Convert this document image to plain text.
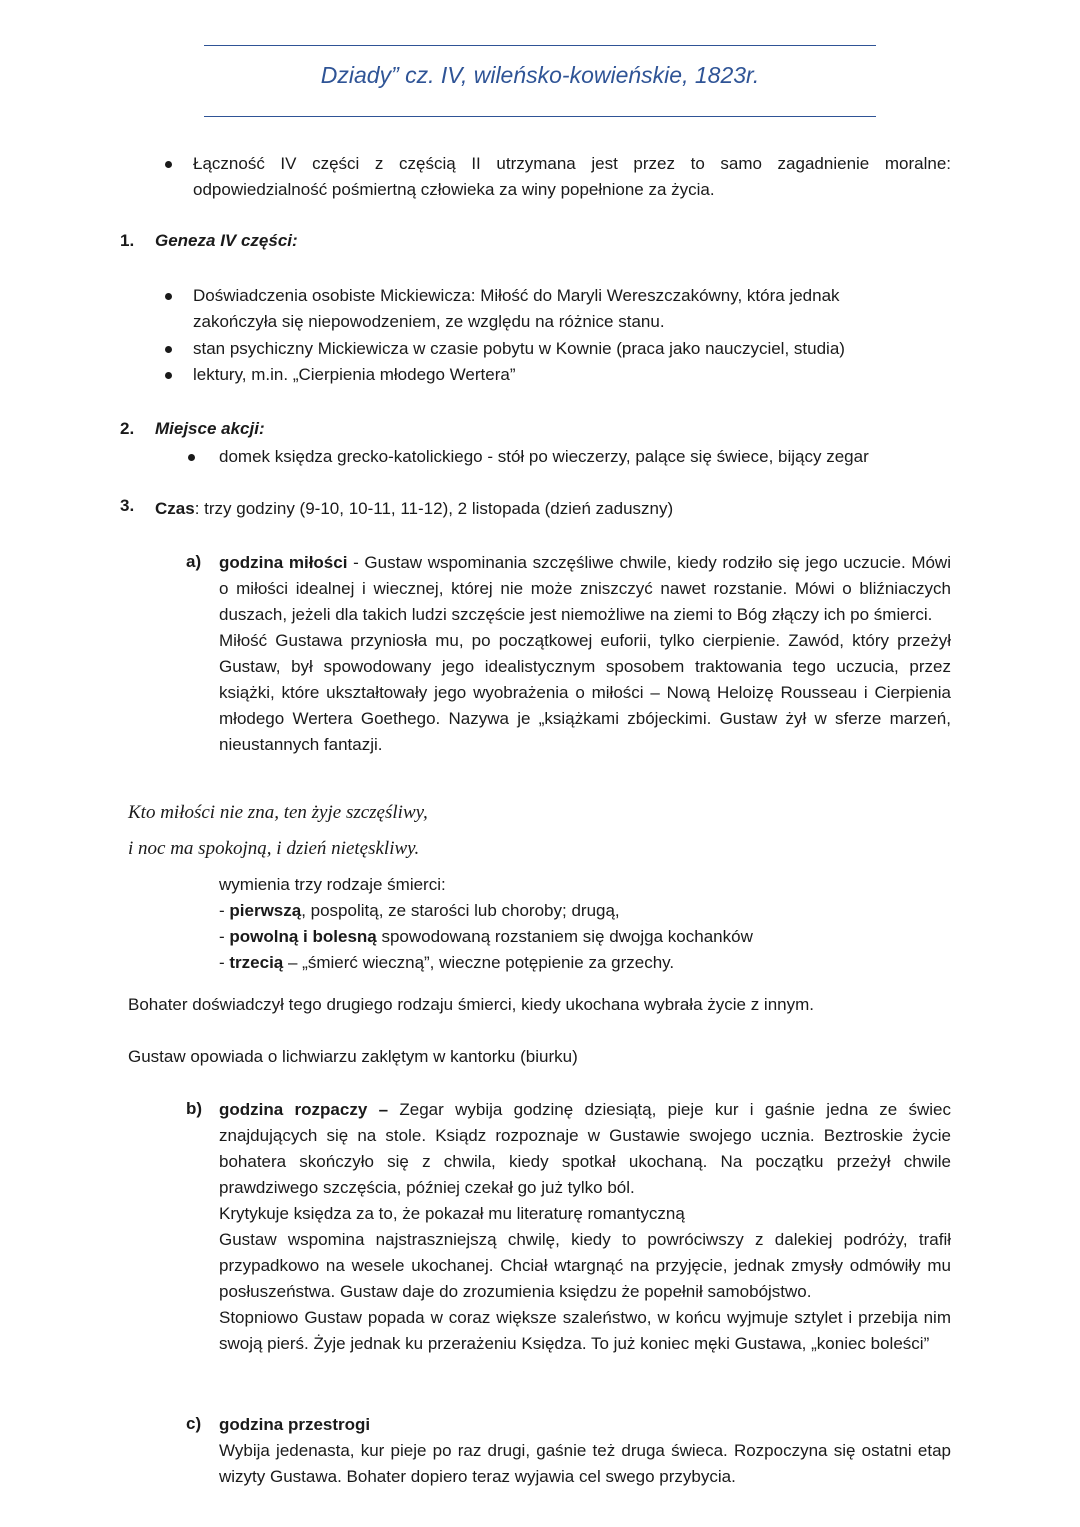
Dziady” cz. IV, wileńsko-kowieńskie, 1823r.

Łączność IV części z częścią II utrzymana jest przez to samo zagadnienie moralne: odpowiedzialność pośmiertną człowieka za winy popełnione za życia.

1. Geneza IV części:

Doświadczenia osobiste Mickiewicza: Miłość do Maryli Wereszczakówny, która jednak zakończyła się niepowodzeniem, ze względu na różnice stanu.

stan psychiczny Mickiewicza w czasie pobytu w Kownie (praca jako nauczyciel, studia)

lektury, m.in. „Cierpienia młodego Wertera”

2. Miejsce akcji:

domek księdza grecko-katolickiego - stół po wieczerzy, palące się świece, bijący zegar

3. Czas: trzy godziny (9-10, 10-11, 11-12), 2 listopada (dzień zaduszny)

a) godzina miłości - Gustaw wspominania szczęśliwe chwile, kiedy rodziło się jego uczucie. Mówi o miłości idealnej i wiecznej, której nie może zniszczyć nawet rozstanie. Mówi o bliźniaczych duszach, jeżeli dla takich ludzi szczęście jest niemożliwe na ziemi to Bóg złączy ich po śmierci.

Miłość Gustawa przyniosła mu, po początkowej euforii, tylko cierpienie. Zawód, który przeżył Gustaw, był spowodowany jego idealistycznym sposobem traktowania tego uczucia, przez książki, które ukształtowały jego wyobrażenia o miłości – Nową Heloizę Rousseau i Cierpienia młodego Wertera Goethego. Nazywa je „książkami zbójeckimi. Gustaw żył w sferze marzeń, nieustannych fantazji.

Kto miłości nie zna, ten żyje szczęśliwy,

i noc ma spokojną, i dzień nietęskliwy.

wymienia trzy rodzaje śmierci:

- pierwszą, pospolitą, ze starości lub choroby; drugą,

- powolną i bolesną spowodowaną rozstaniem się dwojga kochanków

- trzecią – „śmierć wieczną”, wieczne potępienie za grzechy.

Bohater doświadczył tego drugiego rodzaju śmierci, kiedy ukochana wybrała życie z innym.

Gustaw opowiada o lichwiarzu zaklętym w kantorku (biurku)

b) godzina rozpaczy – Zegar wybija godzinę dziesiątą, pieje kur i gaśnie jedna ze świec znajdujących się na stole. Ksiądz rozpoznaje w Gustawie swojego ucznia. Beztroskie życie bohatera skończyło się z chwila, kiedy spotkał ukochaną. Na początku przeżył chwile prawdziwego szczęścia, później czekał go już tylko ból.

Krytykuje księdza za to, że pokazał mu literaturę romantyczną

Gustaw wspomina najstraszniejszą chwilę, kiedy to powróciwszy z dalekiej podróży, trafił przypadkowo na wesele ukochanej. Chciał wtargnąć na przyjęcie, jednak zmysły odmówiły mu posłuszeństwa. Gustaw daje do zrozumienia księdzu że popełnił samobójstwo.

Stopniowo Gustaw popada w coraz większe szaleństwo, w końcu wyjmuje sztylet i przebija nim swoją pierś. Żyje jednak ku przerażeniu Księdza. To już koniec męki Gustawa, „koniec boleści”

c) godzina przestrogi

Wybija jedenasta, kur pieje po raz drugi, gaśnie też druga świeca. Rozpoczyna się ostatni etap wizyty Gustawa. Bohater dopiero teraz wyjawia cel swego przybycia.
